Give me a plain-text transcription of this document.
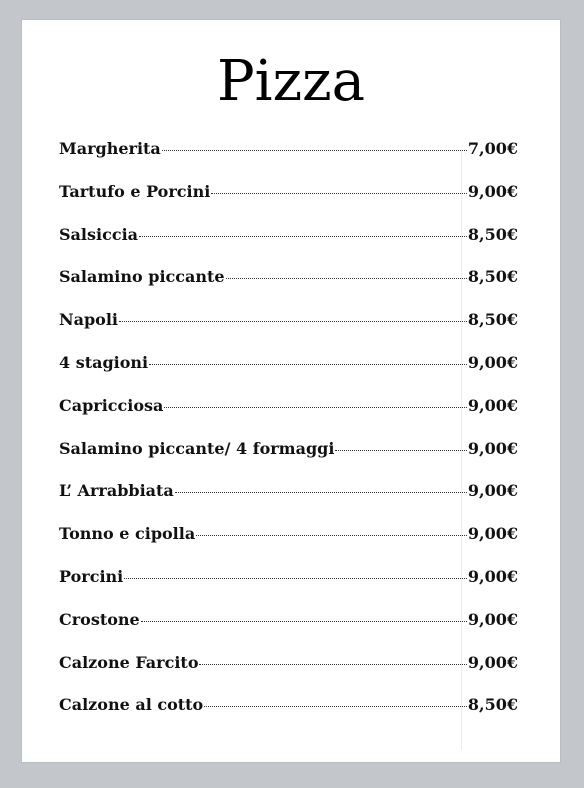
Pizza
Margherita	7,00€
Tartufo e Porcini	9,00€
Salsiccia	8,50€
Salamino piccante	8,50€
Napoli	8,50€
4 stagioni	9,00€
Capricciosa	9,00€
Salamino piccante/ 4 formaggi	9,00€
L’ Arrabbiata	9,00€
Tonno e cipolla	9,00€
Porcini	9,00€
Crostone	9,00€
Calzone Farcito	9,00€
Calzone al cotto	8,50€
